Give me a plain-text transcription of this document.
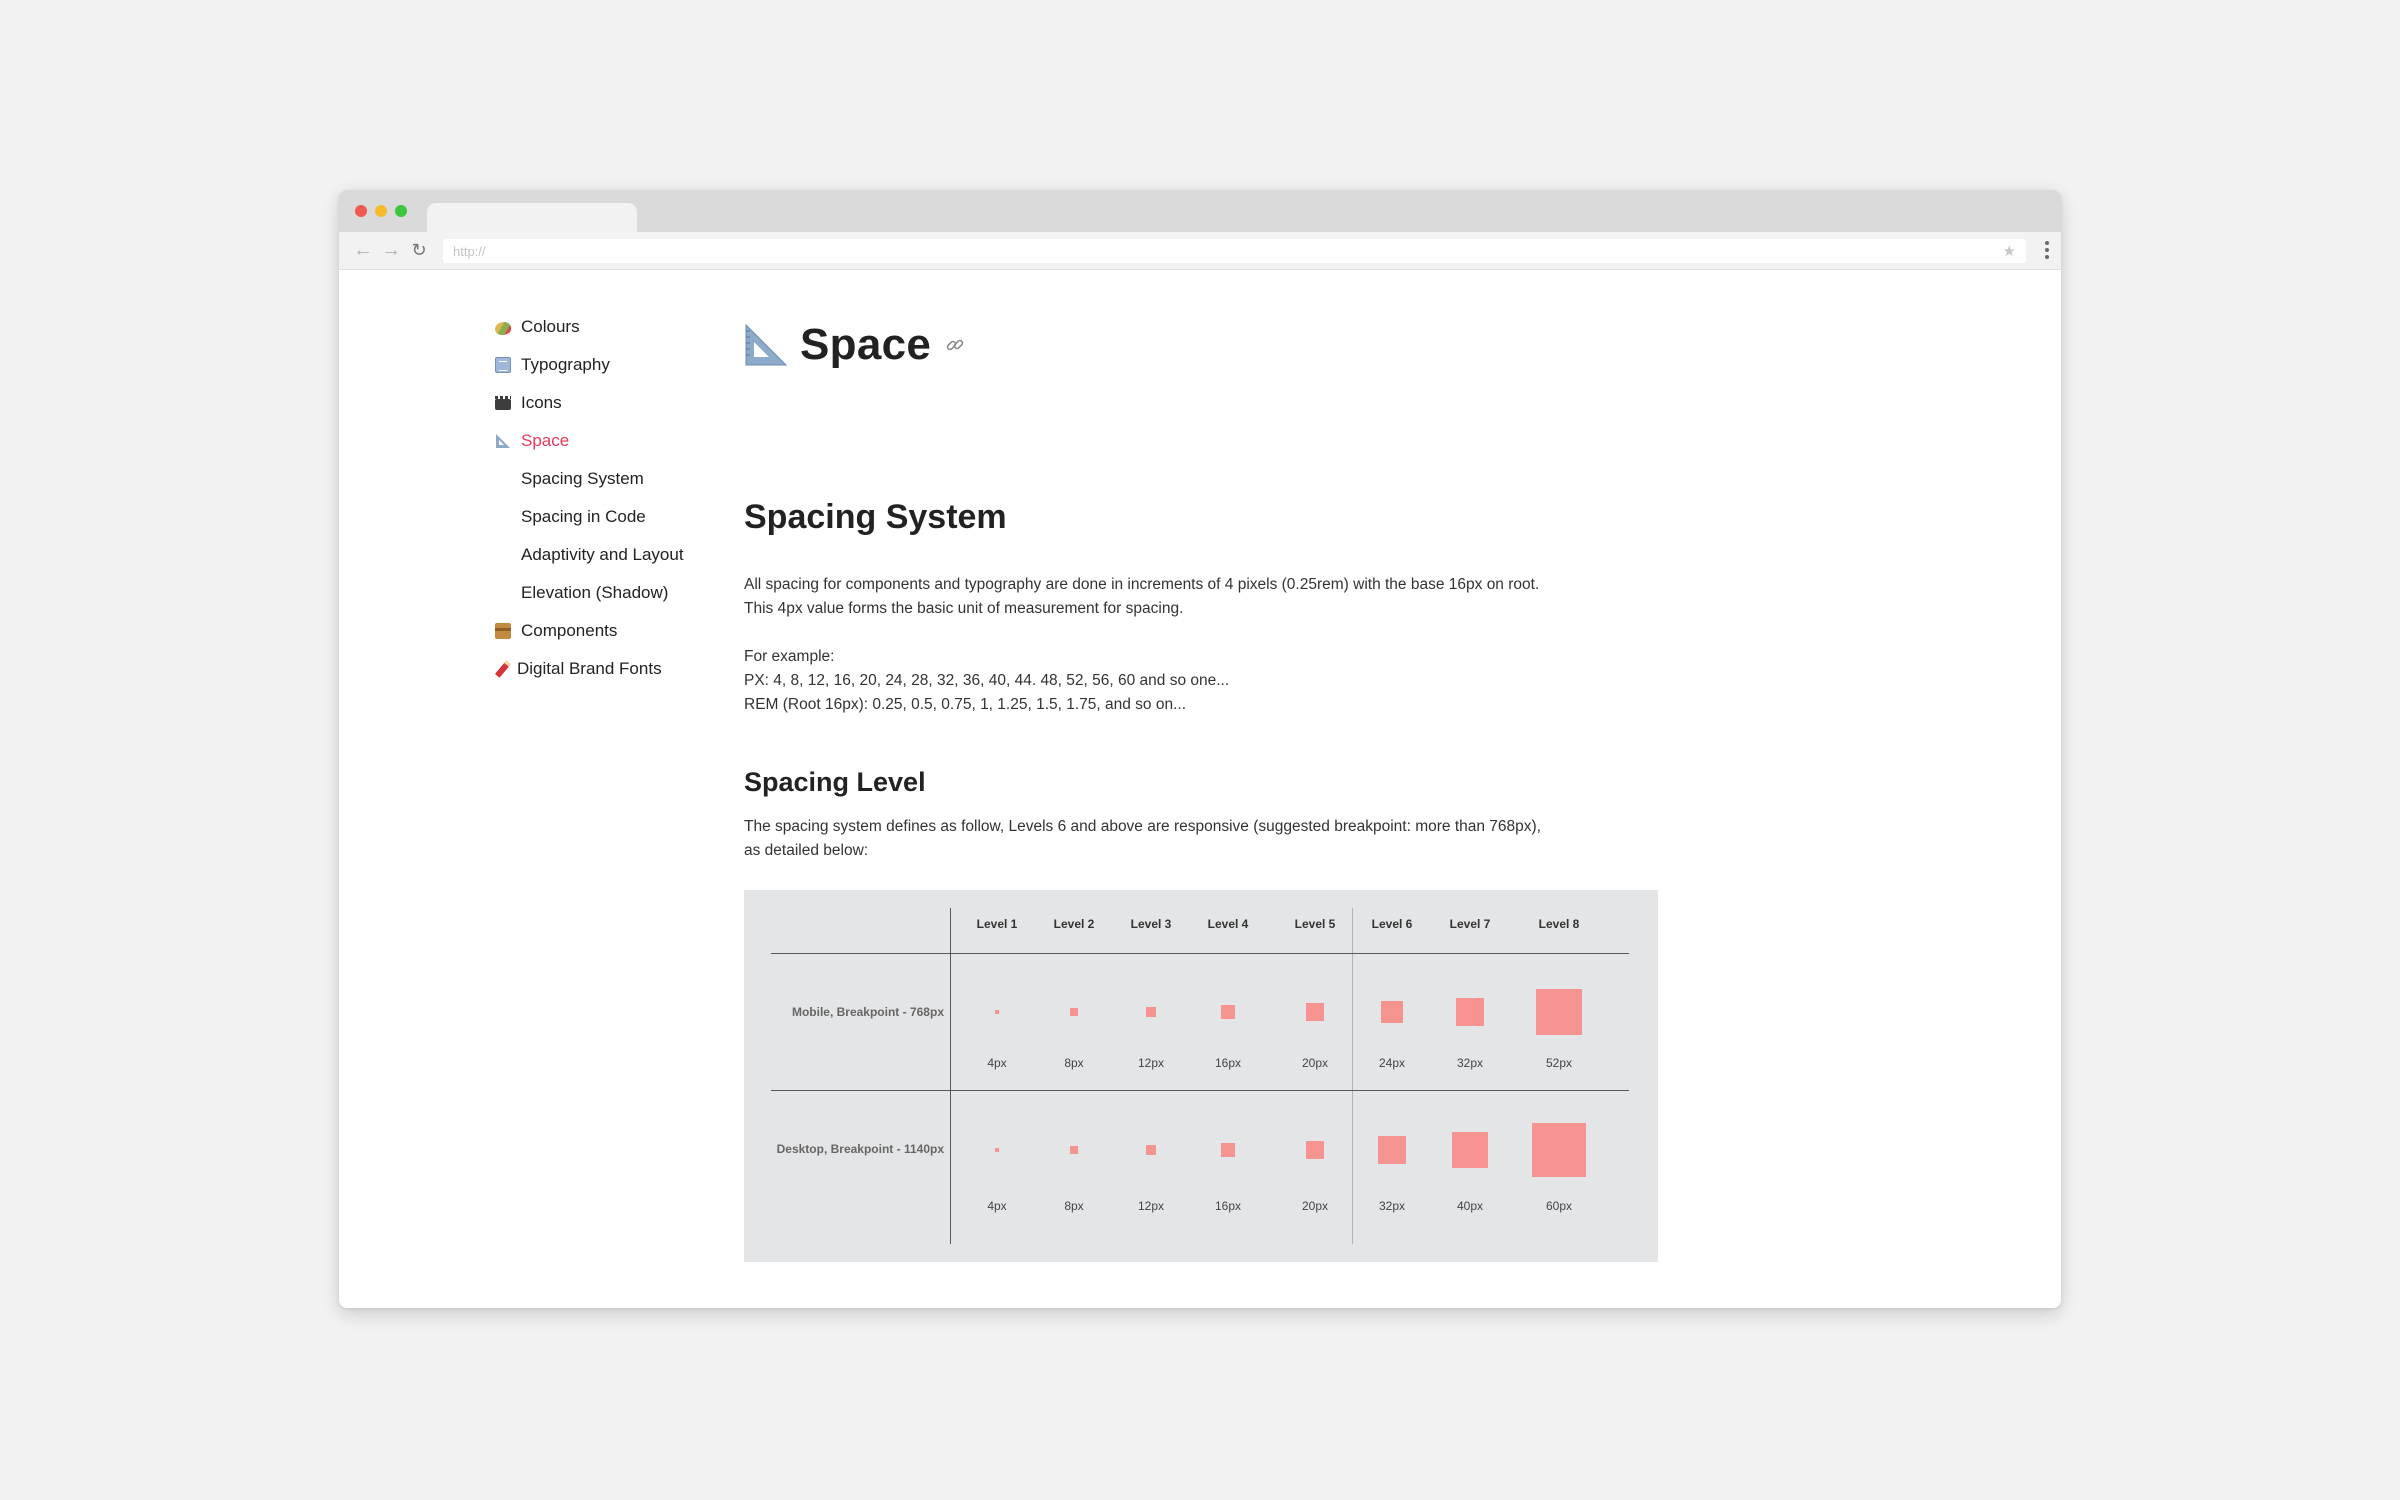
← → ↻	http://	★
Colours
Typography
Icons
Space
Spacing System
Spacing in Code
Adaptivity and Layout
Elevation (Shadow)
Components
Digital Brand Fonts
Space
Spacing System
All spacing for components and typography are done in increments of 4 pixels (0.25rem) with the base 16px on root.
This 4px value forms the basic unit of measurement for spacing.
For example:
PX: 4, 8, 12, 16, 20, 24, 28, 32, 36, 40, 44. 48, 52, 56, 60 and so one...
REM (Root 16px): 0.25, 0.5, 0.75, 1, 1.25, 1.5, 1.75, and so on...
Spacing Level
The spacing system defines as follow, Levels 6 and above are responsive (suggested breakpoint: more than 768px),
as detailed below:
Level 1	Level 2	Level 3	Level 4	Level 5	Level 6	Level 7	Level 8
Mobile, Breakpoint - 768px
4px	8px	12px	16px	20px	24px	32px	52px
Desktop, Breakpoint - 1140px
4px	8px	12px	16px	20px	32px	40px	60px
